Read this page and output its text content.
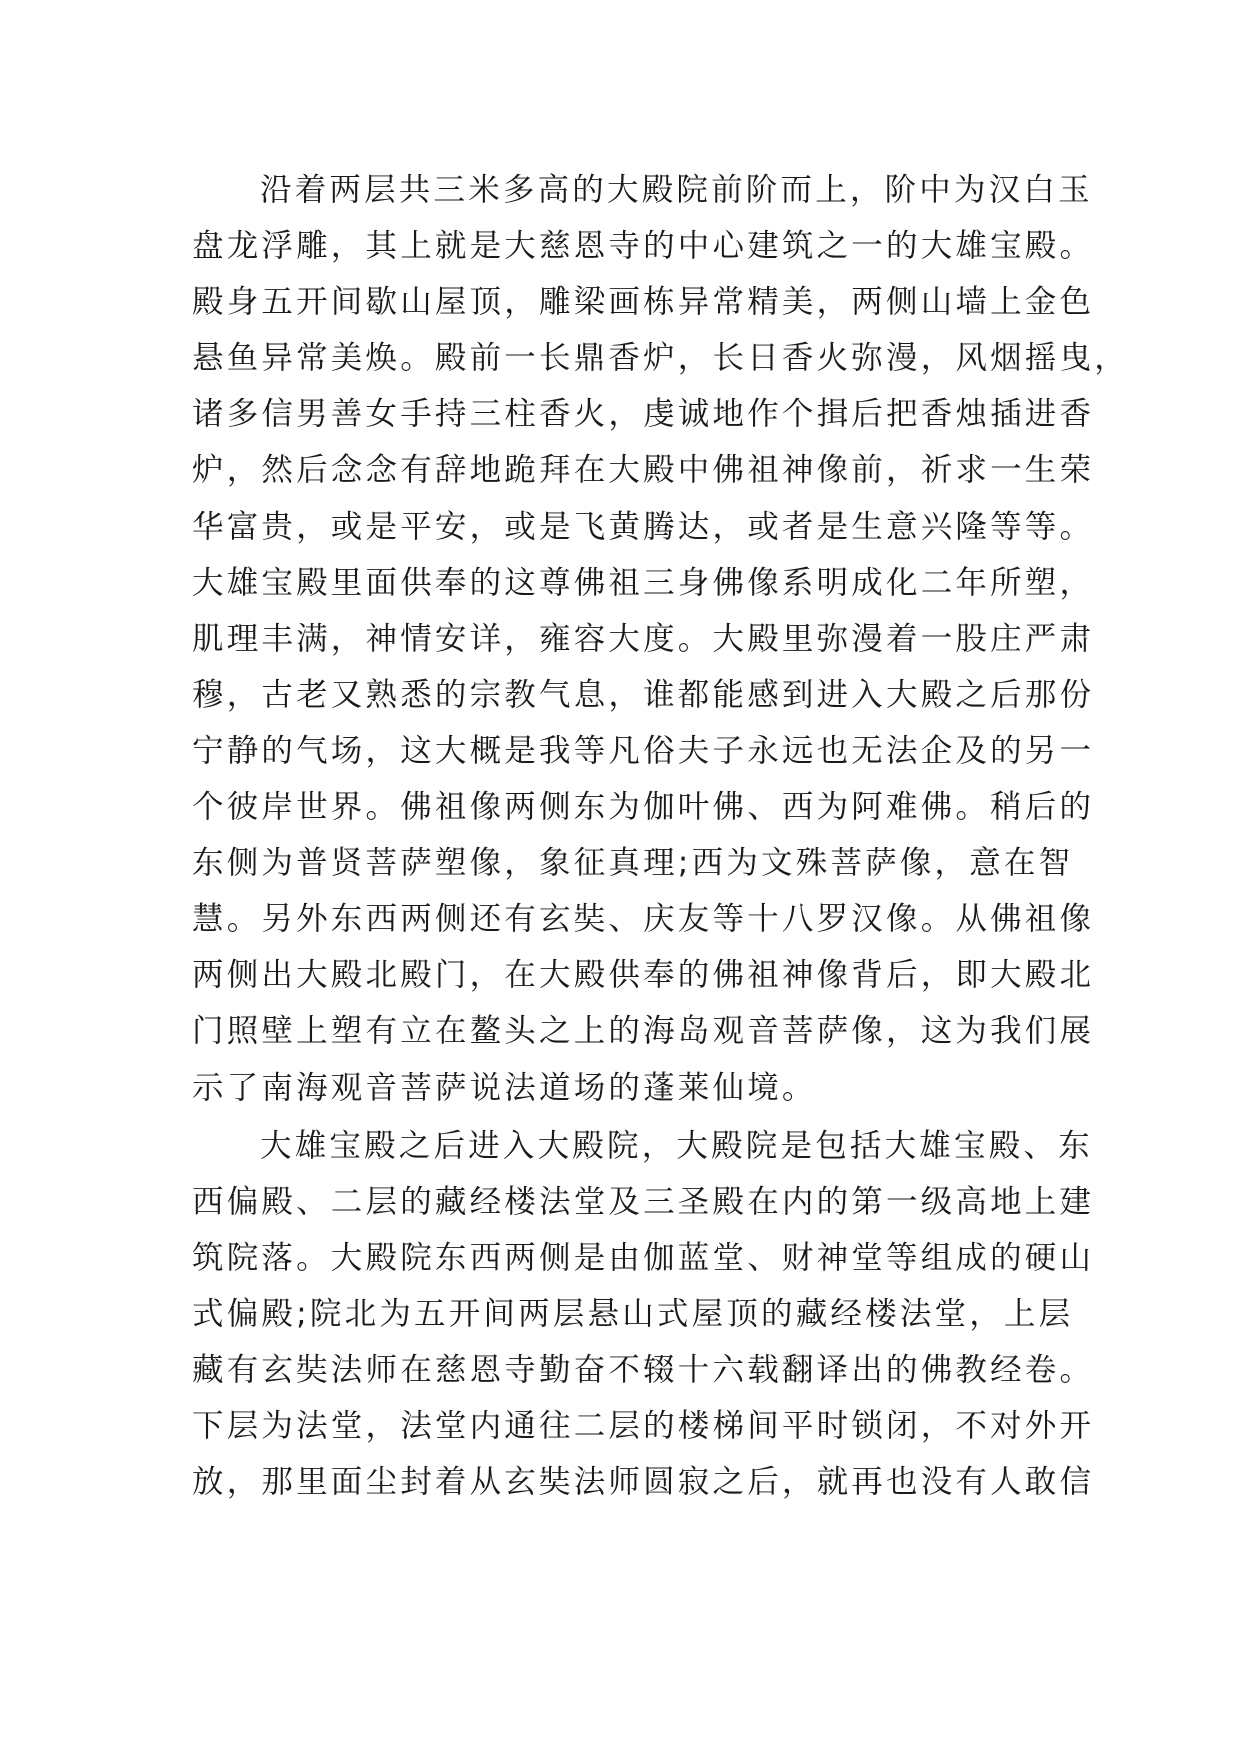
沿着两层共三米多高的大殿院前阶而上，阶中为汉白玉
盘龙浮雕，其上就是大慈恩寺的中心建筑之一的大雄宝殿。
殿身五开间歇山屋顶，雕梁画栋异常精美，两侧山墙上金色
悬鱼异常美焕。殿前一长鼎香炉，长日香火弥漫，风烟摇曳，
诸多信男善女手持三柱香火，虔诚地作个揖后把香烛插进香
炉，然后念念有辞地跪拜在大殿中佛祖神像前，祈求一生荣
华富贵，或是平安，或是飞黄腾达，或者是生意兴隆等等。
大雄宝殿里面供奉的这尊佛祖三身佛像系明成化二年所塑，
肌理丰满，神情安详，雍容大度。大殿里弥漫着一股庄严肃
穆，古老又熟悉的宗教气息，谁都能感到进入大殿之后那份
宁静的气场，这大概是我等凡俗夫子永远也无法企及的另一
个彼岸世界。佛祖像两侧东为伽叶佛、西为阿难佛。稍后的
东侧为普贤菩萨塑像，象征真理;西为文殊菩萨像，意在智
慧。另外东西两侧还有玄奘、庆友等十八罗汉像。从佛祖像
两侧出大殿北殿门，在大殿供奉的佛祖神像背后，即大殿北
门照壁上塑有立在鳌头之上的海岛观音菩萨像，这为我们展
示了南海观音菩萨说法道场的蓬莱仙境。
大雄宝殿之后进入大殿院，大殿院是包括大雄宝殿、东
西偏殿、二层的藏经楼法堂及三圣殿在内的第一级高地上建
筑院落。大殿院东西两侧是由伽蓝堂、财神堂等组成的硬山
式偏殿;院北为五开间两层悬山式屋顶的藏经楼法堂，上层
藏有玄奘法师在慈恩寺勤奋不辍十六载翻译出的佛教经卷。
下层为法堂，法堂内通往二层的楼梯间平时锁闭，不对外开
放，那里面尘封着从玄奘法师圆寂之后，就再也没有人敢信
